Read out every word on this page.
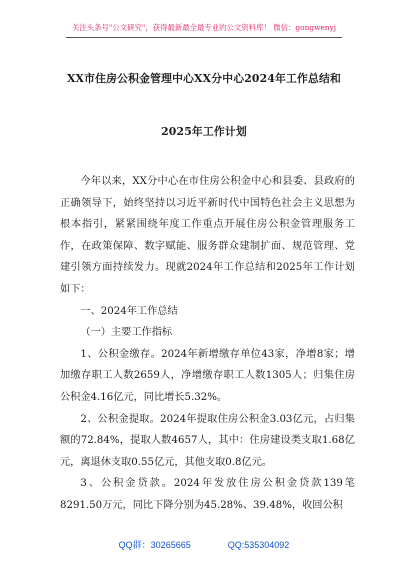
关注头条号"公文研究"，获得最新最全最专业的公文资料库！ 微信：gongwenyj
XX市住房公积金管理中心XX分中心2024年工作总结和
2025年工作计划

今年以来，XX分中心在市住房公积金中心和县委、县政府的正确领导下，始终坚持以习近平新时代中国特色社会主义思想为根本指引，紧紧围绕年度工作重点开展住房公积金管理服务工作，在政策保障、数字赋能、服务群众建制扩面、规范管理、党建引领方面持续发力。现就2024年工作总结和2025年工作计划如下：

一、2024年工作总结

（一）主要工作指标

1、公积金缴存。2024年新增缴存单位43家，净增8家；增加缴存职工人数2659人，净增缴存职工人数1305人；归集住房公积金4.16亿元，同比增长5.32%。

2、公积金提取。2024年提取住房公积金3.03亿元，占归集额的72.84%，提取人数4657人，其中：住房建设类支取1.68亿元，离退休支取0.55亿元，其他支取0.8亿元。

3、公积金贷款。2024年发放住房公积金贷款139笔8291.50万元，同比下降分别为45.28%、39.48%，收回公积

QQ群：30265665	QQ:535304092
